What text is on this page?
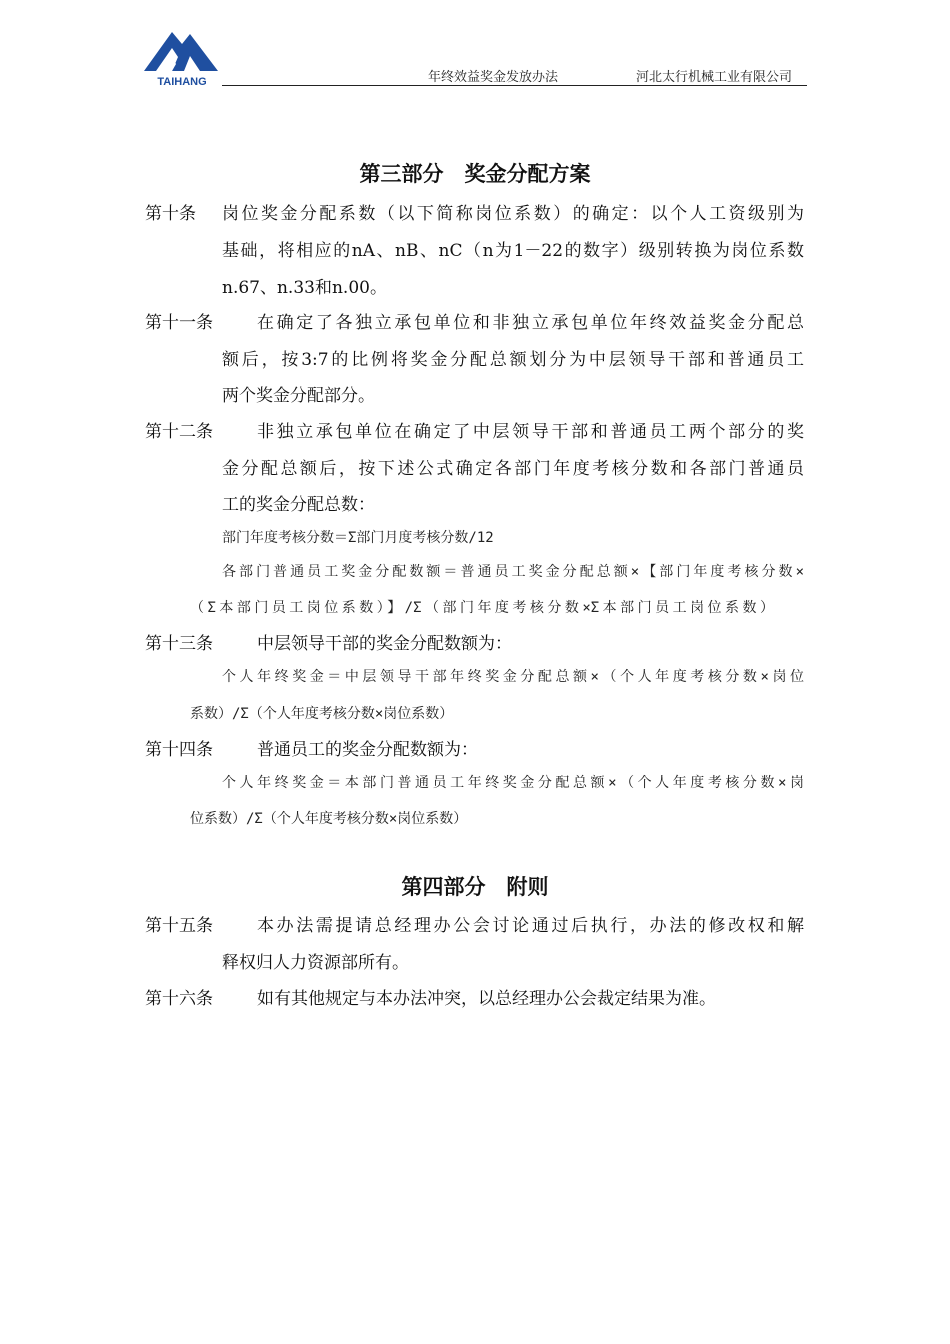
TAIHANG	年终效益奖金发放办法	河北太行机械工业有限公司
第三部分　奖金分配方案
第十条 岗位奖金分配系数（以下简称岗位系数）的确定：以个人工资级别为
基础，将相应的nA、nB、nC（n为1－22的数字）级别转换为岗位系数
n.67、n.33和n.00。
第十一条	在确定了各独立承包单位和非独立承包单位年终效益奖金分配总
额后，按3:7的比例将奖金分配总额划分为中层领导干部和普通员工
两个奖金分配部分。
第十二条	非独立承包单位在确定了中层领导干部和普通员工两个部分的奖
金分配总额后，按下述公式确定各部门年度考核分数和各部门普通员
工的奖金分配总数：
部门年度考核分数＝Σ部门月度考核分数/12
各部门普通员工奖金分配数额＝普通员工奖金分配总额×【部门年度考核分数×
（Σ本部门员工岗位系数）】/Σ（部门年度考核分数×Σ本部门员工岗位系数）
第十三条	中层领导干部的奖金分配数额为：
个人年终奖金＝中层领导干部年终奖金分配总额×（个人年度考核分数×岗位
系数）/Σ（个人年度考核分数×岗位系数）
第十四条	普通员工的奖金分配数额为：
个人年终奖金＝本部门普通员工年终奖金分配总额×（个人年度考核分数×岗
位系数）/Σ（个人年度考核分数×岗位系数）
第四部分　附则
第十五条	本办法需提请总经理办公会讨论通过后执行，办法的修改权和解
释权归人力资源部所有。
第十六条	如有其他规定与本办法冲突，以总经理办公会裁定结果为准。
